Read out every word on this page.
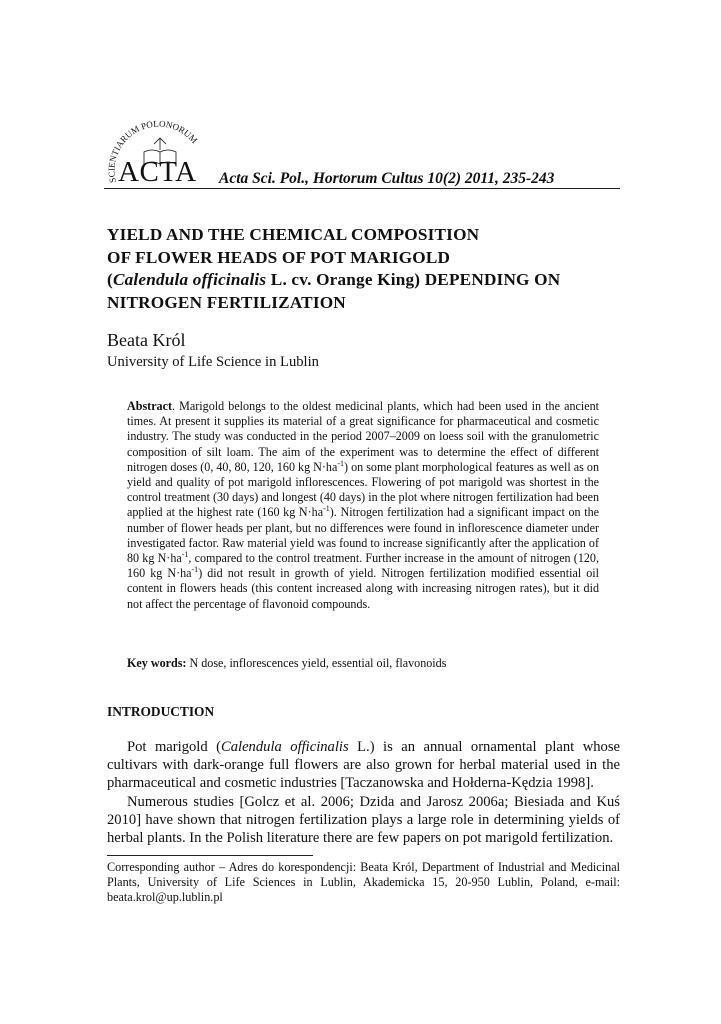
SCIENTIARUM POLONORUM
ACTA Acta Sci. Pol., Hortorum Cultus 10(2) 2011, 235-243
YIELD AND THE CHEMICAL COMPOSITION
OF FLOWER HEADS OF POT MARIGOLD
(Calendula officinalis L. cv. Orange King) DEPENDING ON
NITROGEN FERTILIZATION
Beata Król
University of Life Science in Lublin

Abstract. Marigold belongs to the oldest medicinal plants, which had been used in the ancient times. At present it supplies its material of a great significance for pharmaceutical and cosmetic industry. The study was conducted in the period 2007–2009 on loess soil with the granulometric composition of silt loam. The aim of the experiment was to determine the effect of different nitrogen doses (0, 40, 80, 120, 160 kg $N\cdot ha^{-1}$) on some plant morphological features as well as on yield and quality of pot marigold inflorescences. Flowering of pot marigold was shortest in the control treatment (30 days) and longest (40 days) in the plot where nitrogen fertilization had been applied at the highest rate (160 kg $N\cdot ha^{-1}$). Nitrogen fertilization had a significant impact on the number of flower heads per plant, but no differences were found in inflorescence diameter under investigated factor. Raw material yield was found to increase significantly after the application of 80 kg $N\cdot ha^{-1}$, compared to the control treatment. Further increase in the amount of nitrogen (120, 160 kg $N\cdot ha^{-1}$) did not result in growth of yield. Nitrogen fertilization modified essential oil content in flowers heads (this content increased along with increasing nitrogen rates), but it did not affect the percentage of flavonoid compounds.

Key words: N dose, inflorescences yield, essential oil, flavonoids
INTRODUCTION

Pot marigold (Calendula officinalis L.) is an annual ornamental plant whose cultivars with dark-orange full flowers are also grown for herbal material used in the pharmaceutical and cosmetic industries [Taczanowska and Hołderna-Kędzia 1998].

Numerous studies [Golcz et al. 2006; Dzida and Jarosz 2006a; Biesiada and Kuś 2010] have shown that nitrogen fertilization plays a large role in determining yields of herbal plants. In the Polish literature there are few papers on pot marigold fertilization.

Corresponding author – Adres do korespondencji: Beata Król, Department of Industrial and Medicinal Plants, University of Life Sciences in Lublin, Akademicka 15, 20-950 Lublin, Poland, e-mail: beata.krol@up.lublin.pl
